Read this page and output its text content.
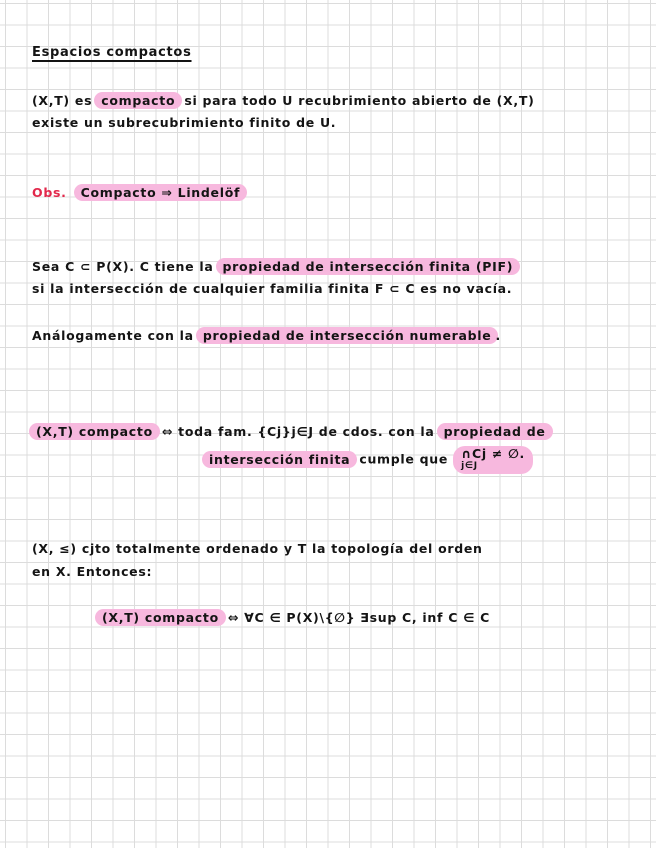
Espacios compactos
(X,T) es compacto si para todo U recubrimiento abierto de (X,T)
existe un subrecubrimiento finito de U.
Obs. Compacto ⇒ Lindelöf
Sea C ⊂ P(X). C tiene la propiedad de intersección finita (PIF)
si la intersección de cualquier familia finita F ⊂ C es no vacía.
Análogamente con la propiedad de intersección numerable .
(X,T) compacto ⇔ toda fam. {Cj}j∈J de cdos. con la propiedad de
intersección finita cumple que ∩Cj ≠ ∅.
j∈J
(X, ≤) cjto totalmente ordenado y T la topología del orden
en X. Entonces:
(X,T) compacto ⇔ ∀C ∈ P(X)\{∅} ∃sup C, inf C ∈ C
